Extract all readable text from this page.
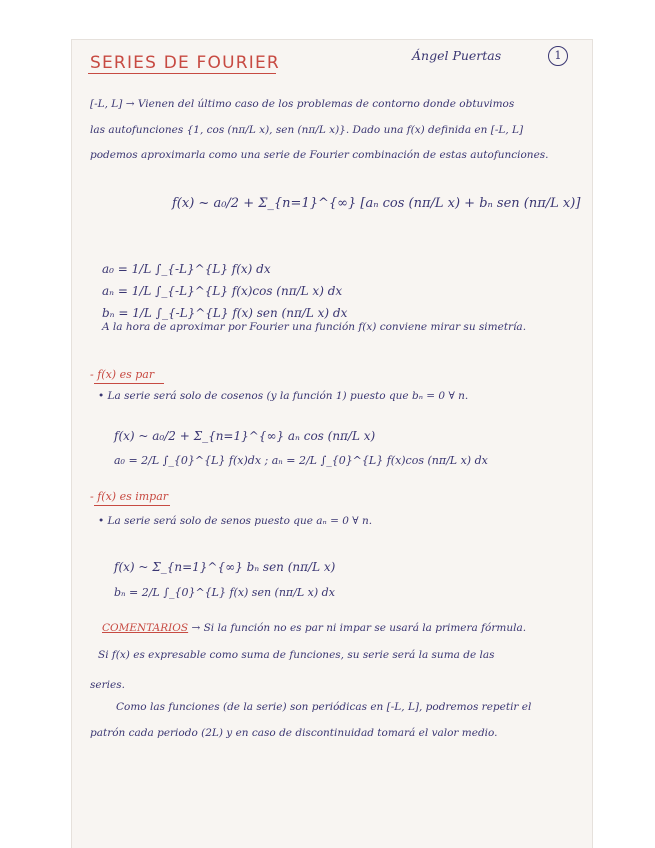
SERIES DE FOURIER	Ángel Puertas	1
[-L, L] → Vienen del último caso de los problemas de contorno donde obtuvimos
las autofunciones {1, cos (nπ/L x), sen (nπ/L x)}. Dado una f(x) definida en [-L, L]
podemos aproximarla como una serie de Fourier combinación de estas autofunciones.
f(x) ~ a₀/2 + Σ_{n=1}^{∞} [aₙ cos (nπ/L x) + bₙ sen (nπ/L x)]
a₀ = 1/L ∫_{-L}^{L} f(x) dx
aₙ = 1/L ∫_{-L}^{L} f(x)cos (nπ/L x) dx
bₙ = 1/L ∫_{-L}^{L} f(x) sen (nπ/L x) dx
A la hora de aproximar por Fourier una función f(x) conviene mirar su simetría.
- f(x) es par
• La serie será solo de cosenos (y la función 1) puesto que bₙ = 0 ∀ n.
f(x) ~ a₀/2 + Σ_{n=1}^{∞} aₙ cos (nπ/L x)
a₀ = 2/L ∫_{0}^{L} f(x)dx ; aₙ = 2/L ∫_{0}^{L} f(x)cos (nπ/L x) dx
- f(x) es impar
• La serie será solo de senos puesto que aₙ = 0 ∀ n.
f(x) ~ Σ_{n=1}^{∞} bₙ sen (nπ/L x)
bₙ = 2/L ∫_{0}^{L} f(x) sen (nπ/L x) dx
COMENTARIOS → Si la función no es par ni impar se usará la primera fórmula.
Si f(x) es expresable como suma de funciones, su serie será la suma de las
series.
Como las funciones (de la serie) son periódicas en [-L, L], podremos repetir el
patrón cada periodo (2L) y en caso de discontinuidad tomará el valor medio.
